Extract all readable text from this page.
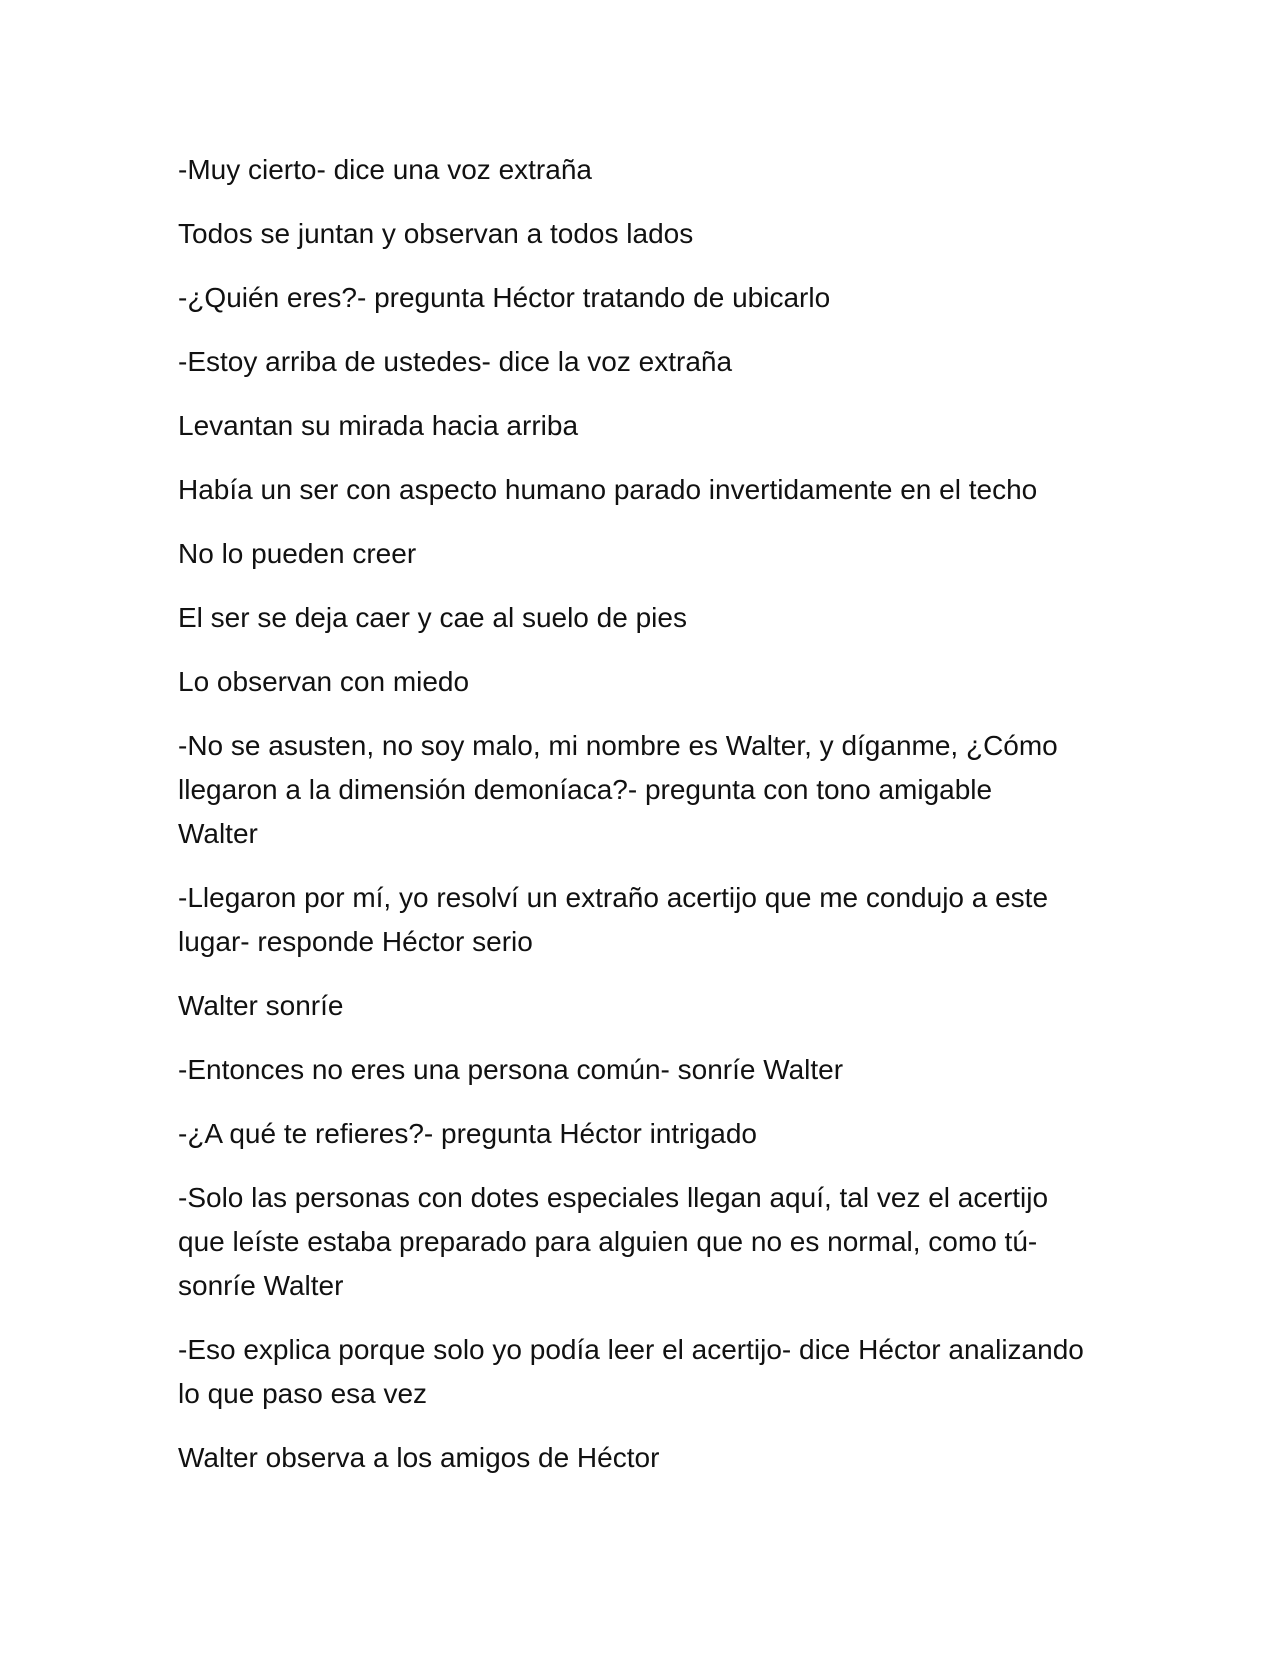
-Muy cierto- dice una voz extraña

Todos se juntan y observan a todos lados

-¿Quién eres?- pregunta Héctor tratando de ubicarlo

-Estoy arriba de ustedes- dice la voz extraña

Levantan su mirada hacia arriba

Había un ser con aspecto humano parado invertidamente en el techo

No lo pueden creer

El ser se deja caer y cae al suelo de pies

Lo observan con miedo

-No se asusten, no soy malo, mi nombre es Walter, y díganme, ¿Cómo
llegaron a la dimensión demoníaca?- pregunta con tono amigable
Walter

-Llegaron por mí, yo resolví un extraño acertijo que me condujo a este
lugar- responde Héctor serio

Walter sonríe

-Entonces no eres una persona común- sonríe Walter

-¿A qué te refieres?- pregunta Héctor intrigado

-Solo las personas con dotes especiales llegan aquí, tal vez el acertijo
que leíste estaba preparado para alguien que no es normal, como tú-
sonríe Walter

-Eso explica porque solo yo podía leer el acertijo- dice Héctor analizando
lo que paso esa vez

Walter observa a los amigos de Héctor
